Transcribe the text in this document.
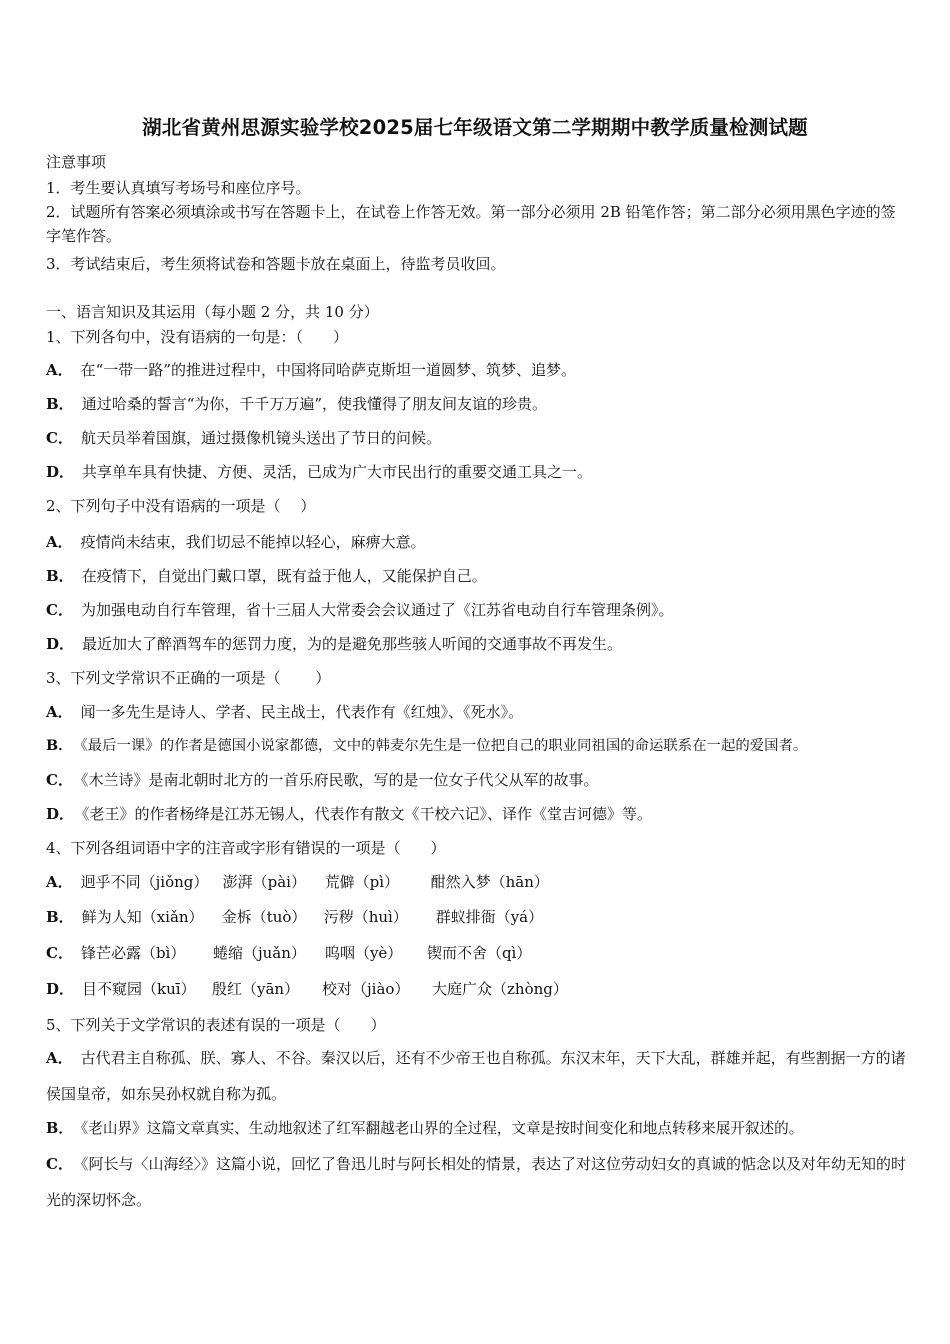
湖北省黄州思源实验学校2025届七年级语文第二学期期中教学质量检测试题
注意事项
1．考生要认真填写考场号和座位序号。
2．试题所有答案必须填涂或书写在答题卡上，在试卷上作答无效。第一部分必须用 2B 铅笔作答；第二部分必须用黑色字迹的签字笔作答。
3．考试结束后，考生须将试卷和答题卡放在桌面上，待监考员收回。
一、语言知识及其运用（每小题 2 分，共 10 分）
1、下列各句中，没有语病的一句是：（　　）
A． 在“一带一路”的推进过程中，中国将同哈萨克斯坦一道圆梦、筑梦、追梦。
B． 通过哈桑的誓言“为你，千千万万遍”，使我懂得了朋友间友谊的珍贵。
C． 航天员举着国旗，通过摄像机镜头送出了节日的问候。
D． 共享单车具有快捷、方便、灵活，已成为广大市民出行的重要交通工具之一。
2、下列句子中没有语病的一项是（　 ）
A． 疫情尚未结束，我们切忌不能掉以轻心，麻痹大意。
B． 在疫情下，自觉出门戴口罩，既有益于他人，又能保护自己。
C． 为加强电动自行车管理，省十三届人大常委会会议通过了《江苏省电动自行车管理条例》。
D． 最近加大了醉酒驾车的惩罚力度，为的是避免那些骇人听闻的交通事故不再发生。
3、下列文学常识不正确的一项是（　　 ）
A． 闻一多先生是诗人、学者、民主战士，代表作有《红烛》、《死水》。
B． 《最后一课》的作者是德国小说家都德，文中的韩麦尔先生是一位把自己的职业同祖国的命运联系在一起的爱国者。
C． 《木兰诗》是南北朝时北方的一首乐府民歌，写的是一位女子代父从军的故事。
D． 《老王》的作者杨绛是江苏无锡人，代表作有散文《干校六记》、译作《堂吉诃德》等。
4、下列各组词语中字的注音或字形有错误的一项是（　　）
A． 迥乎不同（jiǒng） 澎湃（pài） 荒僻（pì） 酣然入梦（hān）
B． 鲜为人知（xiǎn） 金柝（tuò） 污秽（huì） 群蚁排衙（yá）
C． 锋芒必露（bì） 蜷缩（juǎn） 呜咽（yè） 锲而不舍（qì）
D． 目不窥园（kuī） 殷红（yān） 校对（jiào） 大庭广众（zhòng）
5、下列关于文学常识的表述有误的一项是（　　）
A． 古代君主自称孤、朕、寡人、不谷。秦汉以后，还有不少帝王也自称孤。东汉末年，天下大乱，群雄并起，有些割据一方的诸侯国皇帝，如东吴孙权就自称为孤。
B． 《老山界》这篇文章真实、生动地叙述了红军翻越老山界的全过程，文章是按时间变化和地点转移来展开叙述的。
C． 《阿长与〈山海经〉》这篇小说，回忆了鲁迅儿时与阿长相处的情景，表达了对这位劳动妇女的真诚的惦念以及对年幼无知的时光的深切怀念。
